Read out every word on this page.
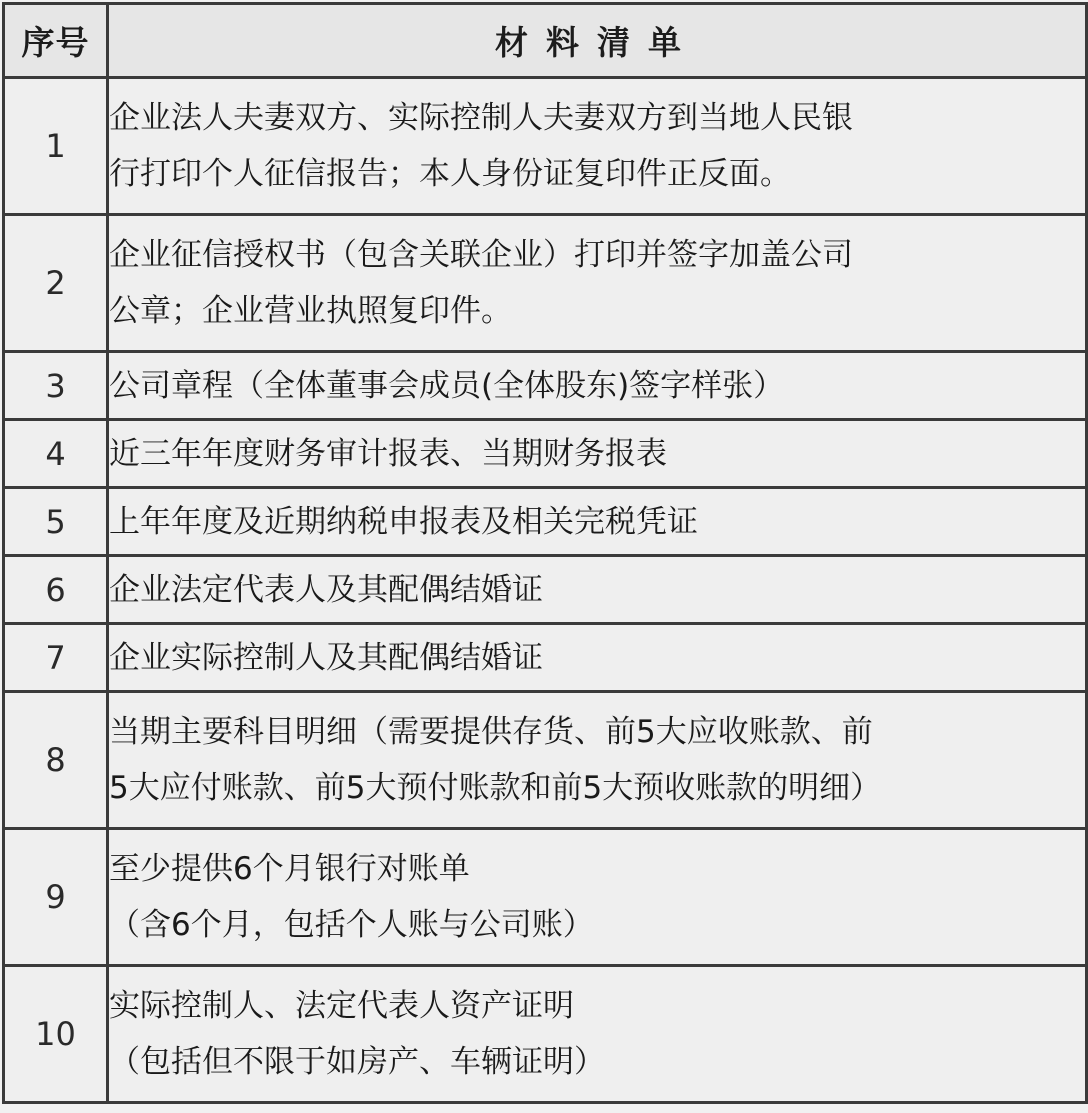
序号	材料清单
1	企业法人夫妻双方、实际控制人夫妻双方到当地人民银
行打印个人征信报告；本人身份证复印件正反面。

2	企业征信授权书（包含关联企业）打印并签字加盖公司
公章；企业营业执照复印件。

3	公司章程（全体董事会成员(全体股东)签字样张）

4	近三年年度财务审计报表、当期财务报表

5	上年年度及近期纳税申报表及相关完税凭证

6	企业法定代表人及其配偶结婚证

7	企业实际控制人及其配偶结婚证

8	当期主要科目明细（需要提供存货、前5大应收账款、前
5大应付账款、前5大预付账款和前5大预收账款的明细）

9	至少提供6个月银行对账单
（含6个月，包括个人账与公司账）

10	实际控制人、法定代表人资产证明
（包括但不限于如房产、车辆证明）
